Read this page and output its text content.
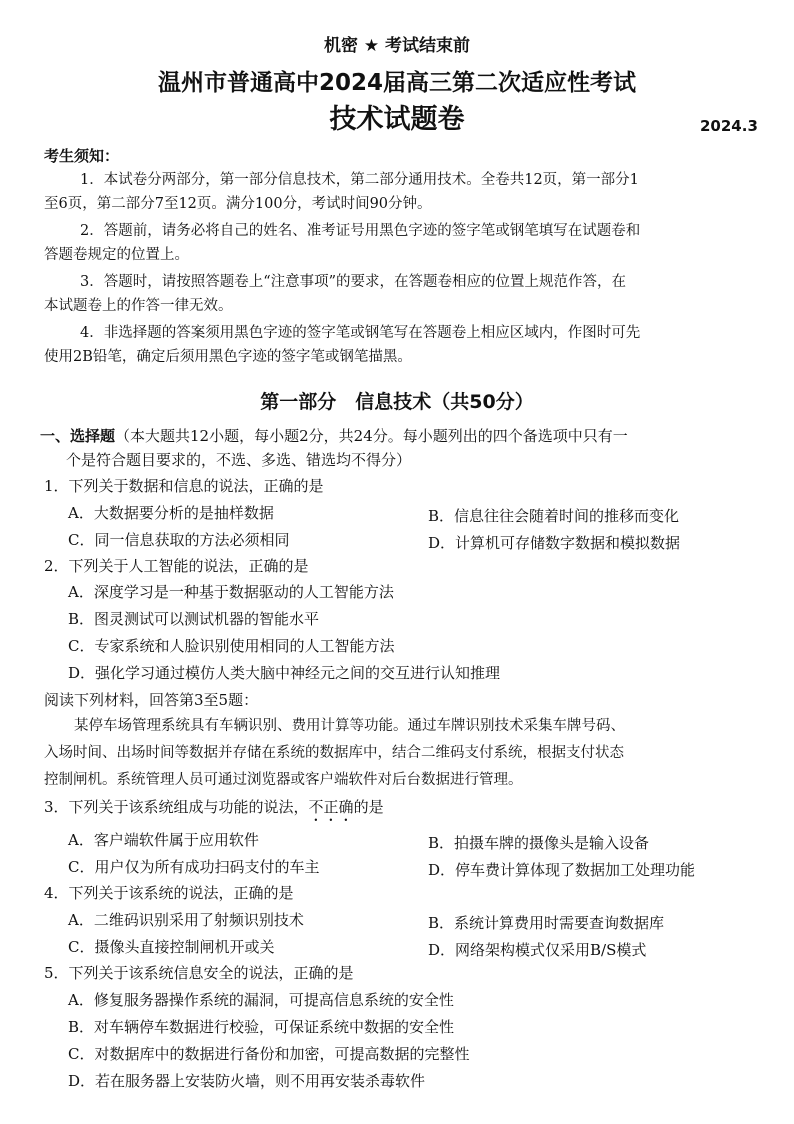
机密 ★ 考试结束前
温州市普通高中2024届高三第二次适应性考试
技术试题卷	2024.3
考生须知：
1．本试卷分两部分，第一部分信息技术，第二部分通用技术。全卷共12页，第一部分1
至6页，第二部分7至12页。满分100分，考试时间90分钟。
2．答题前，请务必将自己的姓名、准考证号用黑色字迹的签字笔或钢笔填写在试题卷和
答题卷规定的位置上。
3．答题时，请按照答题卷上“注意事项”的要求，在答题卷相应的位置上规范作答，在
本试题卷上的作答一律无效。
4．非选择题的答案须用黑色字迹的签字笔或钢笔写在答题卷上相应区域内，作图时可先
使用2B铅笔，确定后须用黑色字迹的签字笔或钢笔描黑。
第一部分　信息技术（共50分）
一、选择题（本大题共12小题，每小题2分，共24分。每小题列出的四个备选项中只有一
个是符合题目要求的，不选、多选、错选均不得分）
1．下列关于数据和信息的说法，正确的是
A．大数据要分析的是抽样数据	B．信息往往会随着时间的推移而变化
C．同一信息获取的方法必须相同	D．计算机可存储数字数据和模拟数据
2．下列关于人工智能的说法，正确的是
A．深度学习是一种基于数据驱动的人工智能方法
B．图灵测试可以测试机器的智能水平
C．专家系统和人脸识别使用相同的人工智能方法
D．强化学习通过模仿人类大脑中神经元之间的交互进行认知推理
阅读下列材料，回答第3至5题：
某停车场管理系统具有车辆识别、费用计算等功能。通过车牌识别技术采集车牌号码、
入场时间、出场时间等数据并存储在系统的数据库中，结合二维码支付系统，根据支付状态
控制闸机。系统管理人员可通过浏览器或客户端软件对后台数据进行管理。
3．下列关于该系统组成与功能的说法，不正确的是
A．客户端软件属于应用软件	B．拍摄车牌的摄像头是输入设备
C．用户仅为所有成功扫码支付的车主	D．停车费计算体现了数据加工处理功能
4．下列关于该系统的说法，正确的是
A．二维码识别采用了射频识别技术	B．系统计算费用时需要查询数据库
C．摄像头直接控制闸机开或关	D．网络架构模式仅采用B/S模式
5．下列关于该系统信息安全的说法，正确的是
A．修复服务器操作系统的漏洞，可提高信息系统的安全性
B．对车辆停车数据进行校验，可保证系统中数据的安全性
C．对数据库中的数据进行备份和加密，可提高数据的完整性
D．若在服务器上安装防火墙，则不用再安装杀毒软件
